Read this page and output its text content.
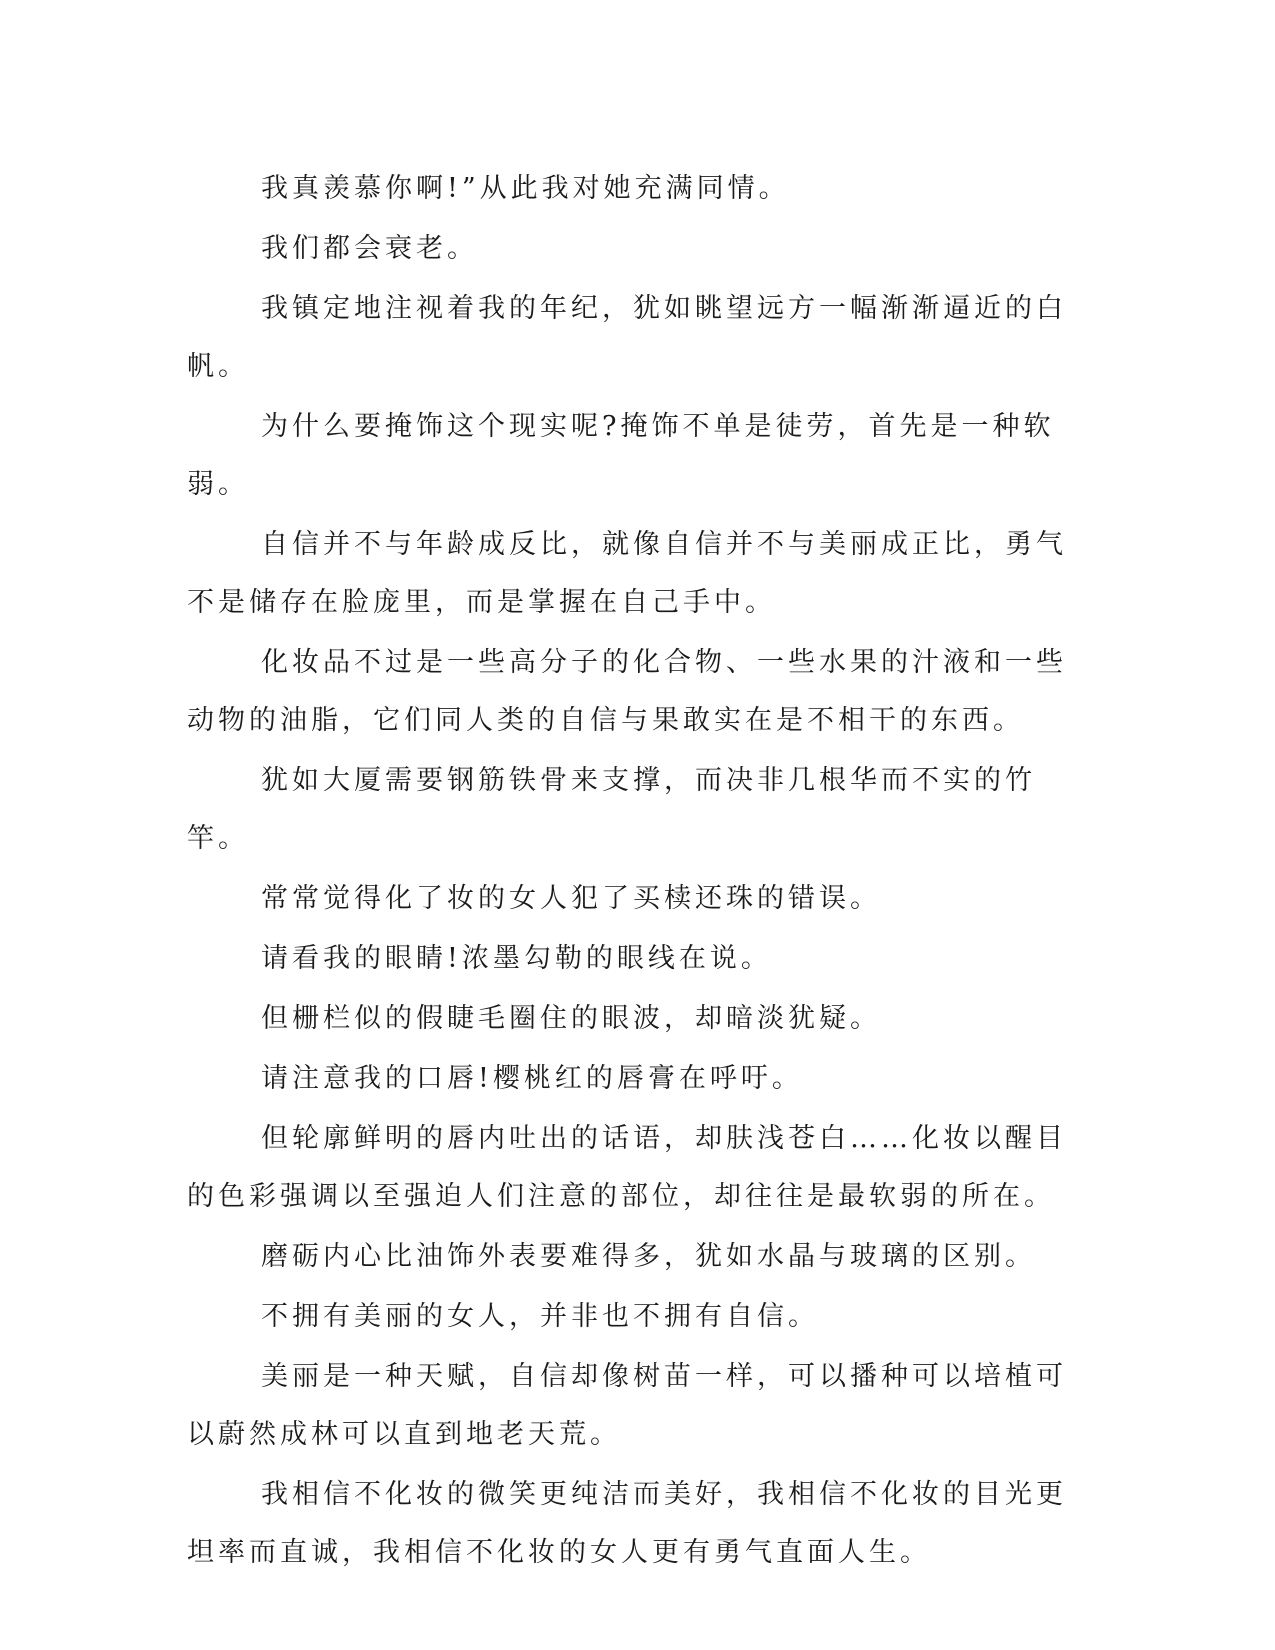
我真羡慕你啊!”从此我对她充满同情。

我们都会衰老。

我镇定地注视着我的年纪，犹如眺望远方一幅渐渐逼近的白帆。

为什么要掩饰这个现实呢?掩饰不单是徒劳，首先是一种软弱。

自信并不与年龄成反比，就像自信并不与美丽成正比，勇气不是储存在脸庞里，而是掌握在自己手中。

化妆品不过是一些高分子的化合物、一些水果的汁液和一些动物的油脂，它们同人类的自信与果敢实在是不相干的东西。

犹如大厦需要钢筋铁骨来支撑，而决非几根华而不实的竹竿。

常常觉得化了妆的女人犯了买椟还珠的错误。

请看我的眼睛!浓墨勾勒的眼线在说。

但栅栏似的假睫毛圈住的眼波，却暗淡犹疑。

请注意我的口唇!樱桃红的唇膏在呼吁。

但轮廓鲜明的唇内吐出的话语，却肤浅苍白……化妆以醒目的色彩强调以至强迫人们注意的部位，却往往是最软弱的所在。

磨砺内心比油饰外表要难得多，犹如水晶与玻璃的区别。

不拥有美丽的女人，并非也不拥有自信。

美丽是一种天赋，自信却像树苗一样，可以播种可以培植可以蔚然成林可以直到地老天荒。

我相信不化妆的微笑更纯洁而美好，我相信不化妆的目光更坦率而直诚，我相信不化妆的女人更有勇气直面人生。
